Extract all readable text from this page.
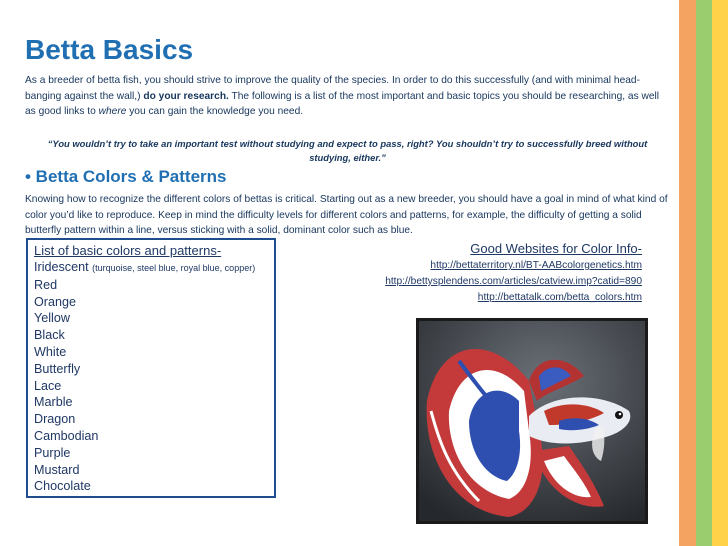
Betta Basics
As a breeder of betta fish, you should strive to improve the quality of the species. In order to do this successfully (and with minimal head-banging against the wall,) do your research. The following is a list of the most important and basic topics you should be researching, as well as good links to where you can gain the knowledge you need.
“You wouldn’t try to take an important test without studying and expect to pass, right? You shouldn’t try to successfully breed without studying, either.”
• Betta Colors & Patterns
Knowing how to recognize the different colors of bettas is critical. Starting out as a new breeder, you should have a goal in mind of what kind of color you’d like to reproduce. Keep in mind the difficulty levels for different colors and patterns, for example, the difficulty of getting a solid butterfly pattern within a line, versus sticking with a solid, dominant color such as blue.
List of basic colors and patterns-
Iridescent (turquoise, steel blue, royal blue, copper)
Red
Orange
Yellow
Black
White
Butterfly
Lace
Marble
Dragon
Cambodian
Purple
Mustard
Chocolate
Good Websites for Color Info-
http://bettaterritory.nl/BT-AABcolorgenetics.htm
http://bettysplendens.com/articles/catview.imp?catid=890
http://bettatalk.com/betta_colors.htm
